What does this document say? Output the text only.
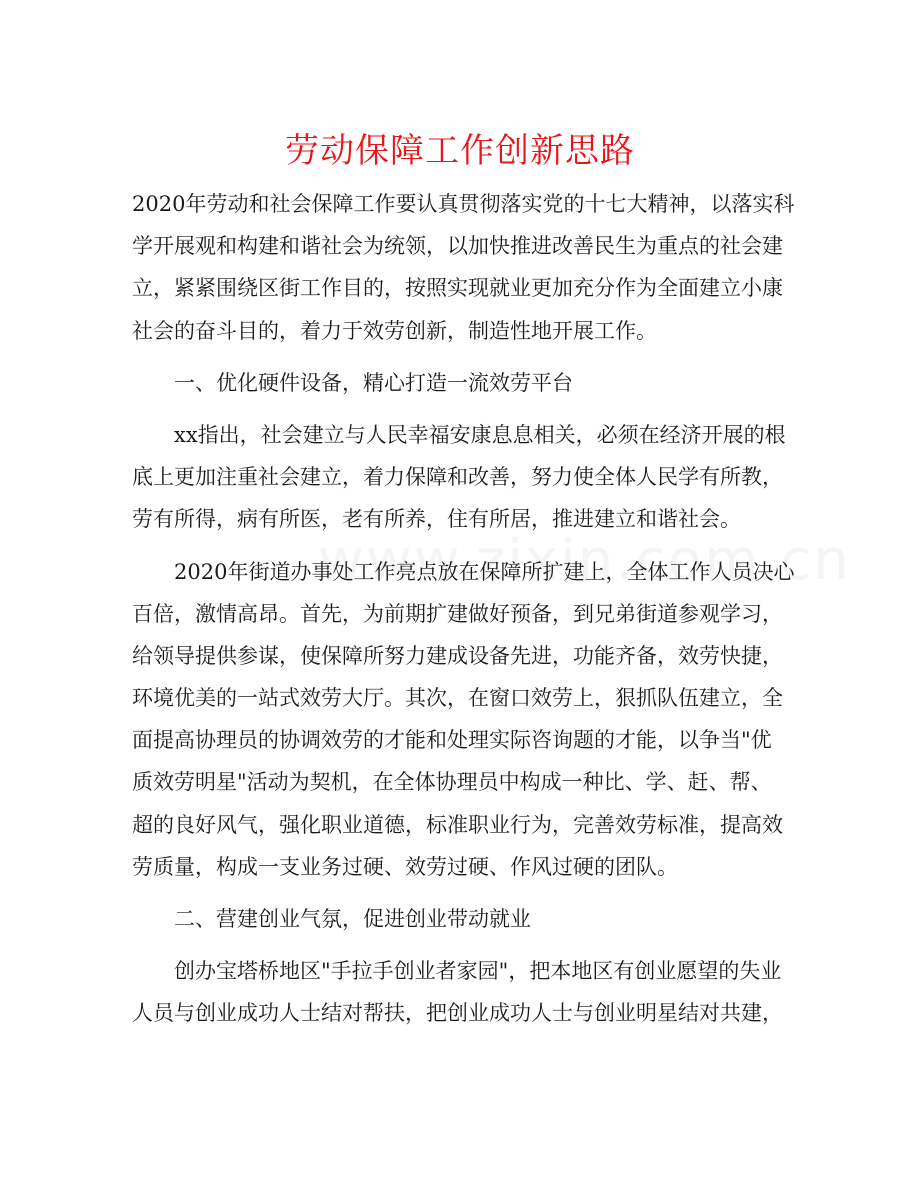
劳动保障工作创新思路
2020年劳动和社会保障工作要认真贯彻落实党的十七大精神，以落实科
学开展观和构建和谐社会为统领，以加快推进改善民生为重点的社会建
立，紧紧围绕区街工作目的，按照实现就业更加充分作为全面建立小康
社会的奋斗目的，着力于效劳创新，制造性地开展工作。
一、优化硬件设备，精心打造一流效劳平台
xx指出，社会建立与人民幸福安康息息相关，必须在经济开展的根
底上更加注重社会建立，着力保障和改善，努力使全体人民学有所教，
劳有所得，病有所医，老有所养，住有所居，推进建立和谐社会。
2020年街道办事处工作亮点放在保障所扩建上，全体工作人员决心
百倍，激情高昂。首先，为前期扩建做好预备，到兄弟街道参观学习，
给领导提供参谋，使保障所努力建成设备先进，功能齐备，效劳快捷，
环境优美的一站式效劳大厅。其次，在窗口效劳上，狠抓队伍建立，全
面提高协理员的协调效劳的才能和处理实际咨询题的才能，以争当"优
质效劳明星"活动为契机，在全体协理员中构成一种比、学、赶、帮、
超的良好风气，强化职业道德，标准职业行为，完善效劳标准，提高效
劳质量，构成一支业务过硬、效劳过硬、作风过硬的团队。
二、营建创业气氛，促进创业带动就业
创办宝塔桥地区"手拉手创业者家园"，把本地区有创业愿望的失业
人员与创业成功人士结对帮扶，把创业成功人士与创业明星结对共建，
